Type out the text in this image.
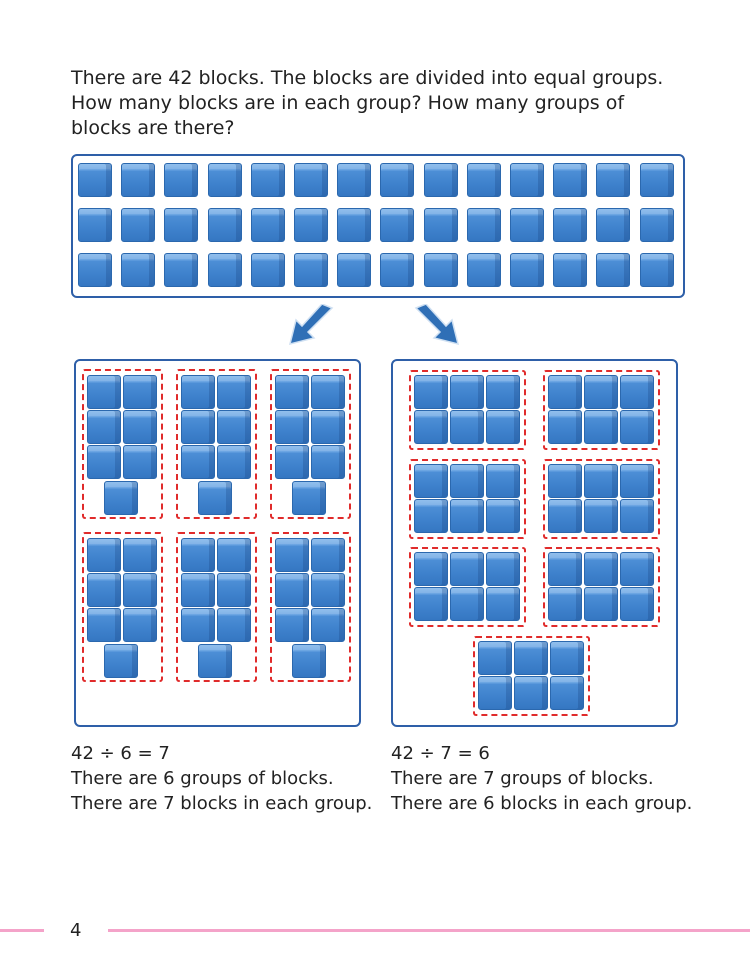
There are 42 blocks. The blocks are divided into equal groups.
How many blocks are in each group? How many groups of
blocks are there?
42 ÷ 6 = 7
There are 6 groups of blocks.
There are 7 blocks in each group.
42 ÷ 7 = 6
There are 7 groups of blocks.
There are 6 blocks in each group.
4
